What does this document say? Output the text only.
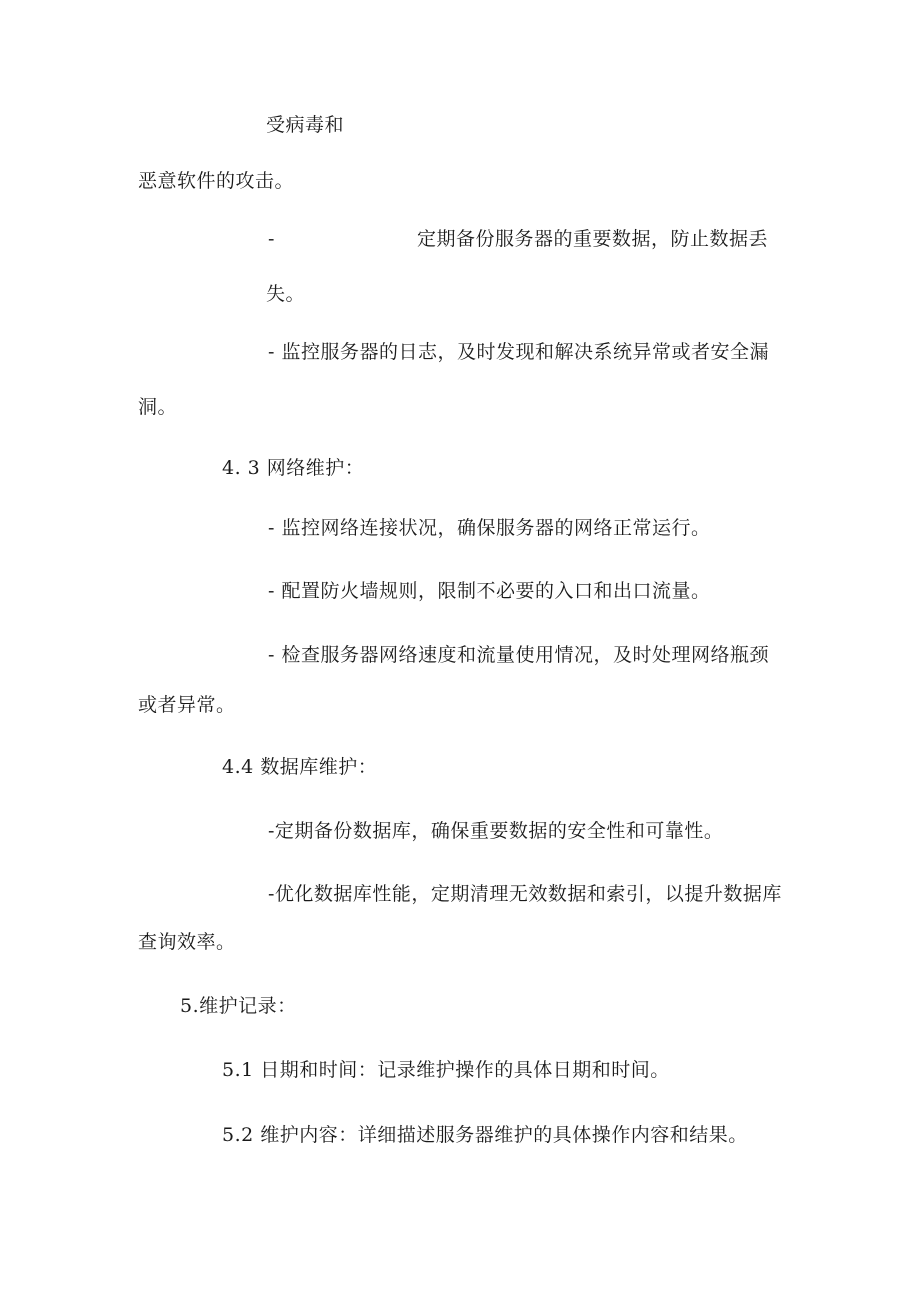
受病毒和
恶意软件的攻击。
-	定期备份服务器的重要数据，防止数据丢
失。
- 监控服务器的日志，及时发现和解决系统异常或者安全漏
洞。
4. 3 网络维护：
- 监控网络连接状况，确保服务器的网络正常运行。
- 配置防火墙规则，限制不必要的入口和出口流量。
- 检查服务器网络速度和流量使用情况，及时处理网络瓶颈
或者异常。
4.4 数据库维护：
-定期备份数据库，确保重要数据的安全性和可靠性。
-优化数据库性能，定期清理无效数据和索引，以提升数据库
查询效率。
5.维护记录：
5.1 日期和时间：记录维护操作的具体日期和时间。
5.2 维护内容：详细描述服务器维护的具体操作内容和结果。
